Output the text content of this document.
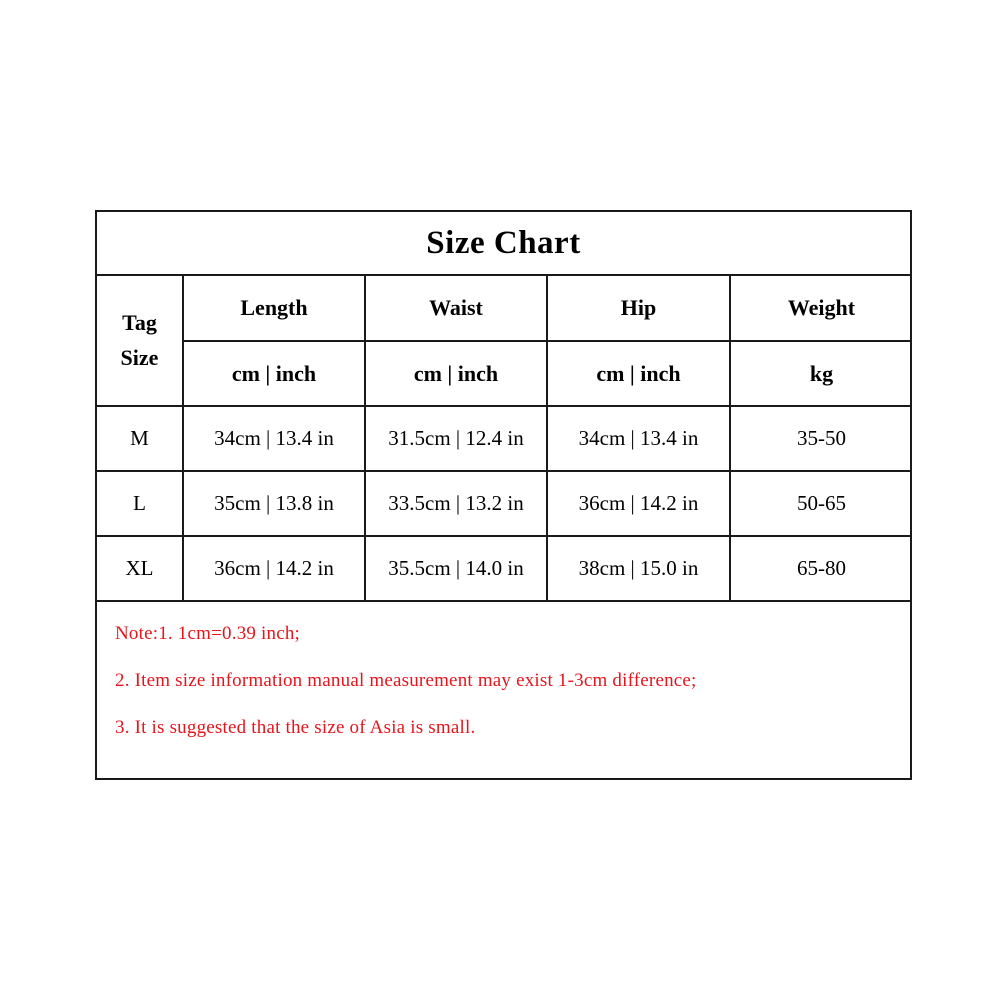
Size Chart
Tag
Size	Length	Waist	Hip	Weight
	cm | inch	cm | inch	cm | inch	kg
M	34cm | 13.4 in	31.5cm | 12.4 in	34cm | 13.4 in	35-50
L	35cm | 13.8 in	33.5cm | 13.2 in	36cm | 14.2 in	50-65
XL	36cm | 14.2 in	35.5cm | 14.0 in	38cm | 15.0 in	65-80

Note:1. 1cm=0.39 inch;

2. Item size information manual measurement may exist 1-3cm difference;

3. It is suggested that the size of Asia is small.
